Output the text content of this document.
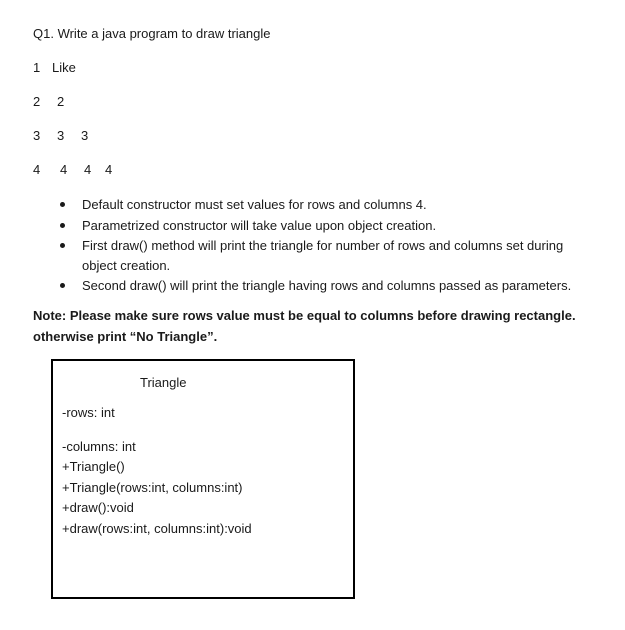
Q1. Write a java program to draw triangle
1 Like
2 2
3 3 3
4 4 4 4
Default constructor must set values for rows and columns 4.
Parametrized constructor will take value upon object creation.
First draw() method will print the triangle for number of rows and columns set during object creation.
Second draw() will print the triangle having rows and columns passed as parameters.
Note: Please make sure rows value must be equal to columns before drawing rectangle.
otherwise print “No Triangle”.
Triangle
-rows: int
-columns: int
+Triangle()
+Triangle(rows:int, columns:int)
+draw():void
+draw(rows:int, columns:int):void
